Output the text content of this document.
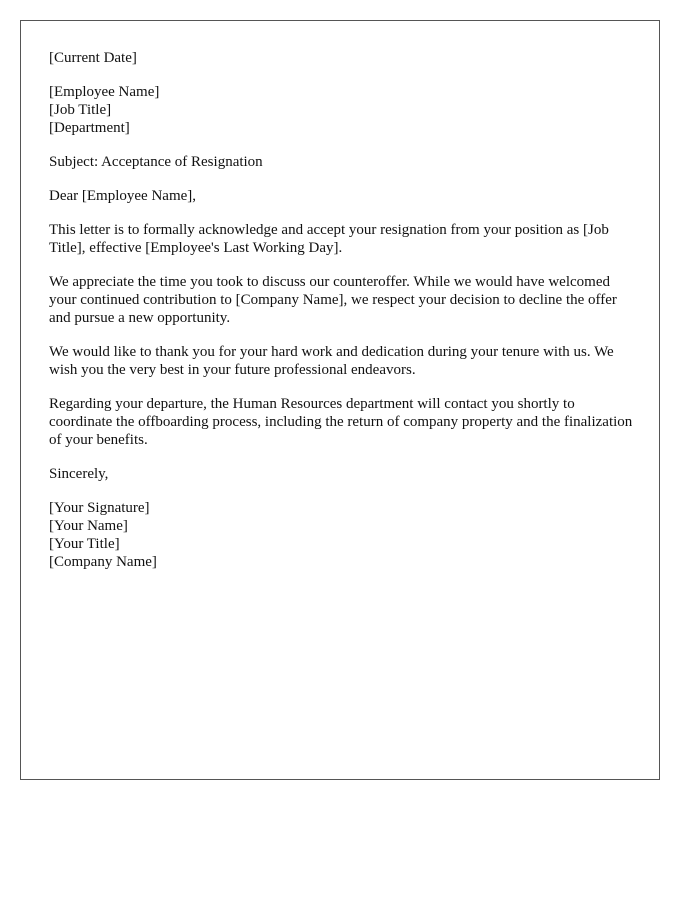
[Current Date]
[Employee Name]
[Job Title]
[Department]
Subject: Acceptance of Resignation
Dear [Employee Name],

This letter is to formally acknowledge and accept your resignation from your position as [Job Title], effective [Employee's Last Working Day].

We appreciate the time you took to discuss our counteroffer. While we would have welcomed your continued contribution to [Company Name], we respect your decision to decline the offer and pursue a new opportunity.

We would like to thank you for your hard work and dedication during your tenure with us. We wish you the very best in your future professional endeavors.

Regarding your departure, the Human Resources department will contact you shortly to coordinate the offboarding process, including the return of company property and the finalization of your benefits.

Sincerely,
[Your Signature]
[Your Name]
[Your Title]
[Company Name]
